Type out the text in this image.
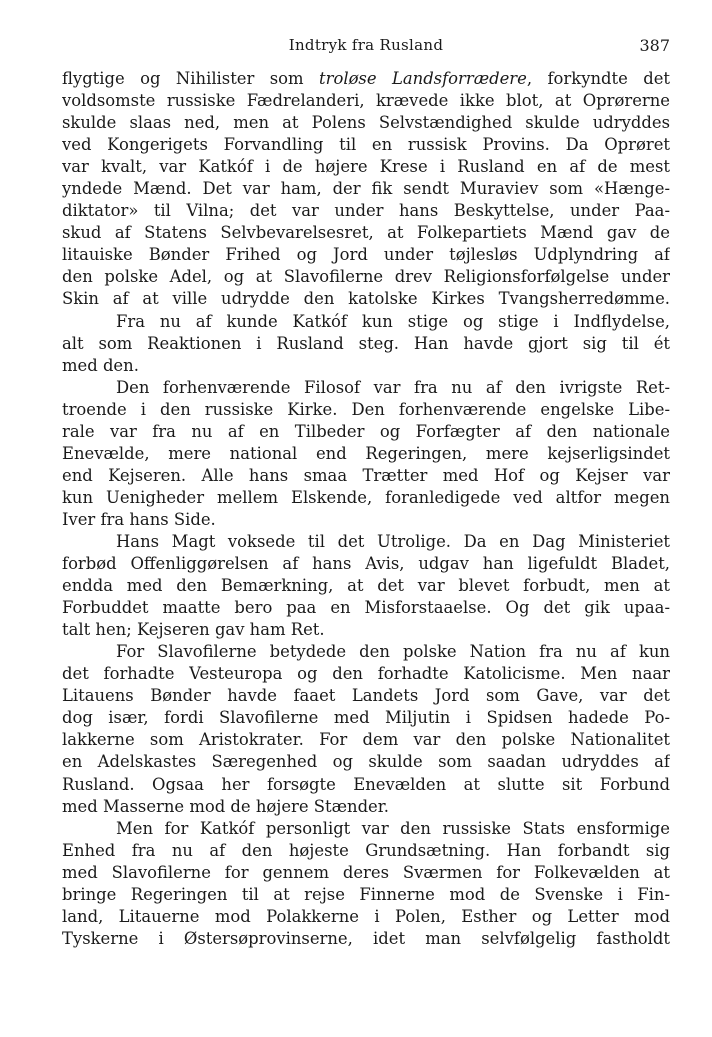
Indtryk fra Rusland	387
flygtige og Nihilister som troløse Landsforrædere, forkyndte det
voldsomste russiske Fædrelanderi, krævede ikke blot, at Oprørerne
skulde slaas ned, men at Polens Selvstændighed skulde udryddes
ved Kongerigets Forvandling til en russisk Provins. Da Oprøret
var kvalt, var Katkóf i de højere Krese i Rusland en af de mest
yndede Mænd. Det var ham, der fik sendt Muraviev som «Hænge-
diktator» til Vilna; det var under hans Beskyttelse, under Paa-
skud af Statens Selvbevarelsesret, at Folkepartiets Mænd gav de
litauiske Bønder Frihed og Jord under tøjlesløs Udplyndring af
den polske Adel, og at Slavofilerne drev Religionsforfølgelse under
Skin af at ville udrydde den katolske Kirkes Tvangsherredømme.
Fra nu af kunde Katkóf kun stige og stige i Indflydelse,
alt som Reaktionen i Rusland steg. Han havde gjort sig til ét
med den.
Den forhenværende Filosof var fra nu af den ivrigste Ret-
troende i den russiske Kirke. Den forhenværende engelske Libe-
rale var fra nu af en Tilbeder og Forfægter af den nationale
Enevælde, mere national end Regeringen, mere kejserligsindet
end Kejseren. Alle hans smaa Trætter med Hof og Kejser var
kun Uenigheder mellem Elskende, foranledigede ved altfor megen
Iver fra hans Side.
Hans Magt voksede til det Utrolige. Da en Dag Ministeriet
forbød Offenliggørelsen af hans Avis, udgav han ligefuldt Bladet,
endda med den Bemærkning, at det var blevet forbudt, men at
Forbuddet maatte bero paa en Misforstaaelse. Og det gik upaa-
talt hen; Kejseren gav ham Ret.
For Slavofilerne betydede den polske Nation fra nu af kun
det forhadte Vesteuropa og den forhadte Katolicisme. Men naar
Litauens Bønder havde faaet Landets Jord som Gave, var det
dog især, fordi Slavofilerne med Miljutin i Spidsen hadede Po-
lakkerne som Aristokrater. For dem var den polske Nationalitet
en Adelskastes Særegenhed og skulde som saadan udryddes af
Rusland. Ogsaa her forsøgte Enevælden at slutte sit Forbund
med Masserne mod de højere Stænder.
Men for Katkóf personligt var den russiske Stats ensformige
Enhed fra nu af den højeste Grundsætning. Han forbandt sig
med Slavofilerne for gennem deres Sværmen for Folkevælden at
bringe Regeringen til at rejse Finnerne mod de Svenske i Fin-
land, Litauerne mod Polakkerne i Polen, Esther og Letter mod
Tyskerne i Østersøprovinserne, idet man selvfølgelig fastholdt
